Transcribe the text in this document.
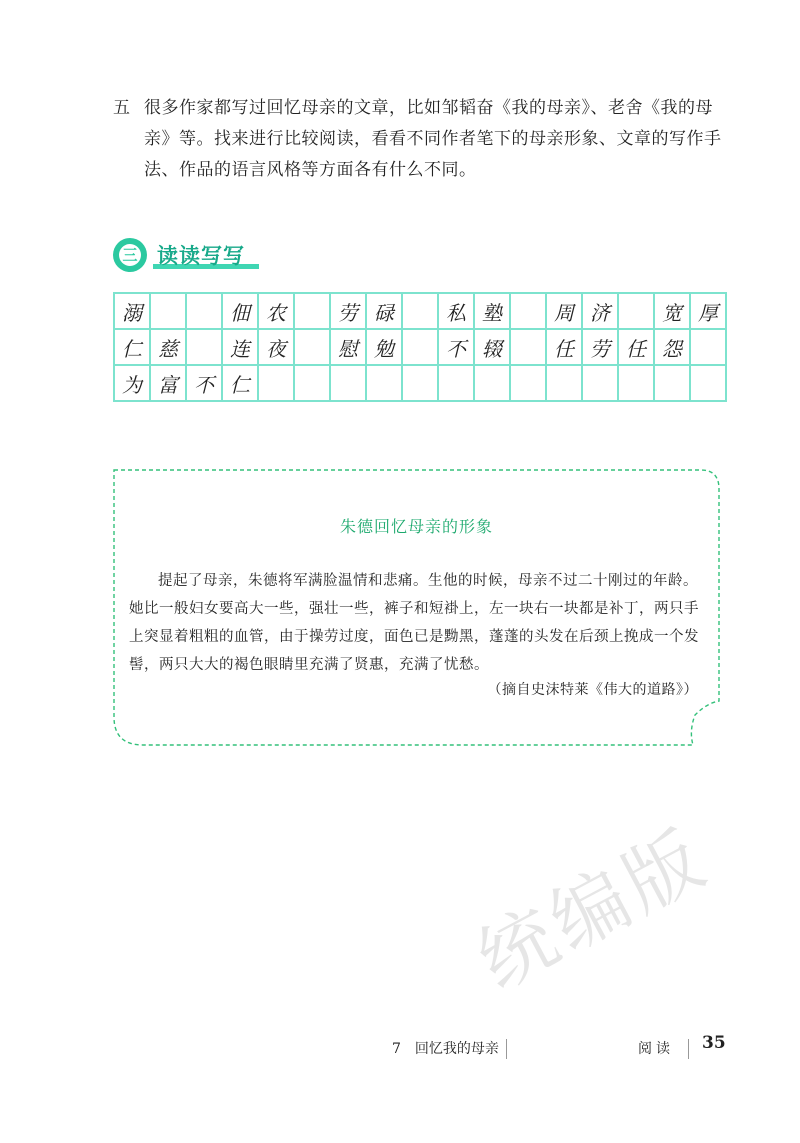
五 很多作家都写过回忆母亲的文章，比如邹韬奋《我的母亲》、老舍《我的母亲》等。找来进行比较阅读，看看不同作者笔下的母亲形象、文章的写作手法、作品的语言风格等方面各有什么不同。
三 读读写写
溺			佃	农		劳	碌		私	塾		周	济		宽	厚
仁	慈		连	夜		慰	勉		不	辍		任	劳	任	怨	
为	富	不	仁													
朱德回忆母亲的形象
提起了母亲，朱德将军满脸温情和悲痛。生他的时候，母亲不过二十刚过的年龄。她比一般妇女要高大一些，强壮一些，裤子和短褂上，左一块右一块都是补丁，两只手上突显着粗粗的血管，由于操劳过度，面色已是黝黑，蓬蓬的头发在后颈上挽成一个发髻，两只大大的褐色眼睛里充满了贤惠，充满了忧愁。
（摘自史沫特莱《伟大的道路》）
统编版
7　回忆我的母亲	阅读 35
